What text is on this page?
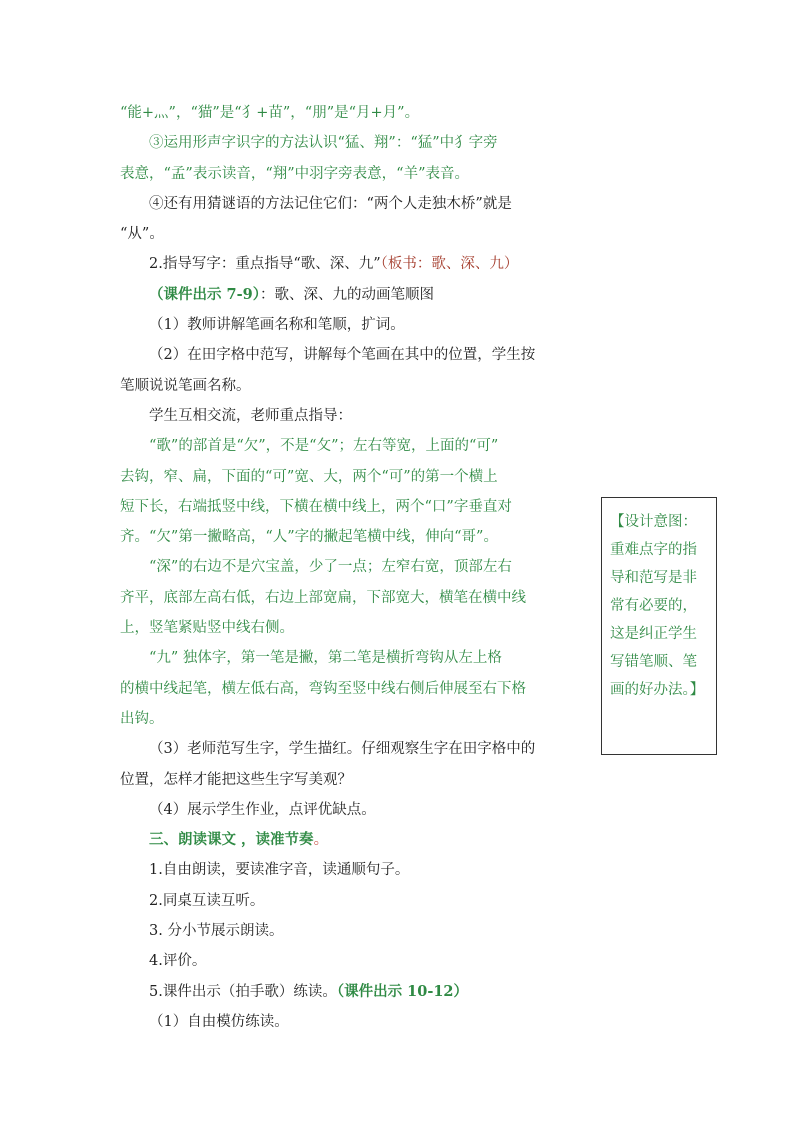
“能+灬”，“猫”是“犭+苗”，“朋”是“月+月”。
③运用形声字识字的方法认识“猛、翔”：“猛”中犭字旁
表意，“孟”表示读音，“翔”中羽字旁表意，“羊”表音。
④还有用猜谜语的方法记住它们：“两个人走独木桥”就是
“从”。
2.指导写字：重点指导“歌、深、九”（板书：歌、深、九）
（课件出示 7-9）：歌、深、九的动画笔顺图
（1）教师讲解笔画名称和笔顺，扩词。
（2）在田字格中范写，讲解每个笔画在其中的位置，学生按
笔顺说说笔画名称。
学生互相交流，老师重点指导：
“歌”的部首是“欠”，不是“攵”；左右等宽，上面的“可”
去钩，窄、扁，下面的“可”宽、大，两个“可”的第一个横上
短下长，右端抵竖中线，下横在横中线上，两个“口”字垂直对
齐。“欠”第一撇略高，“人”字的撇起笔横中线，伸向“哥”。
“深”的右边不是穴宝盖，少了一点；左窄右宽，顶部左右
齐平，底部左高右低，右边上部宽扁，下部宽大，横笔在横中线
上，竖笔紧贴竖中线右侧。
“九” 独体字，第一笔是撇，第二笔是横折弯钩从左上格
的横中线起笔，横左低右高，弯钩至竖中线右侧后伸展至右下格
出钩。
（3）老师范写生字，学生描红。仔细观察生字在田字格中的
位置，怎样才能把这些生字写美观？
（4）展示学生作业，点评优缺点。
三、朗读课文 ，读准节奏。
1.自由朗读，要读准字音，读通顺句子。
2.同桌互读互听。
3. 分小节展示朗读。
4.评价。
5.课件出示（拍手歌）练读。（课件出示 10-12）
（1）自由模仿练读。
【设计意图：
重难点字的指
导和范写是非
常有必要的，
这是纠正学生
写错笔顺、笔
画的好办法。】
